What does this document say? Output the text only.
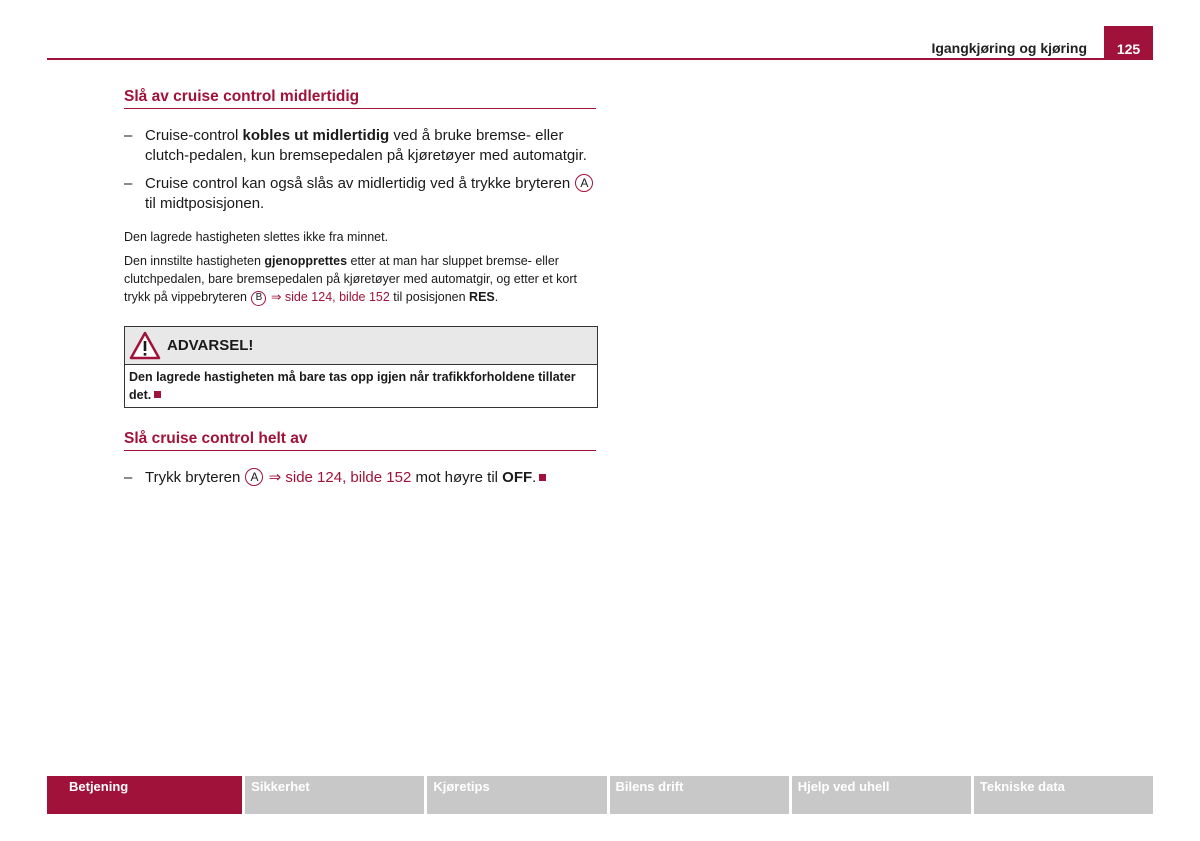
Igangkjøring og kjøring	125
Slå av cruise control midlertidig
– Cruise-control kobles ut midlertidig ved å bruke bremse- eller clutch-pedalen, kun bremsepedalen på kjøretøyer med automatgir.
– Cruise control kan også slås av midlertidig ved å trykke bryteren A til midtposisjonen.

Den lagrede hastigheten slettes ikke fra minnet.

Den innstilte hastigheten gjenopprettes etter at man har sluppet bremse- eller clutchpedalen, bare bremsepedalen på kjøretøyer med automatgir, og etter et kort trykk på vippebryteren B ⇒ side 124, bilde 152 til posisjonen RES.

ADVARSEL!
Den lagrede hastigheten må bare tas opp igjen når trafikkforholdene tillater det.
Slå cruise control helt av
– Trykk bryteren A ⇒ side 124, bilde 152 mot høyre til OFF.
Betjening	Sikkerhet	Kjøretips	Bilens drift	Hjelp ved uhell	Tekniske data
